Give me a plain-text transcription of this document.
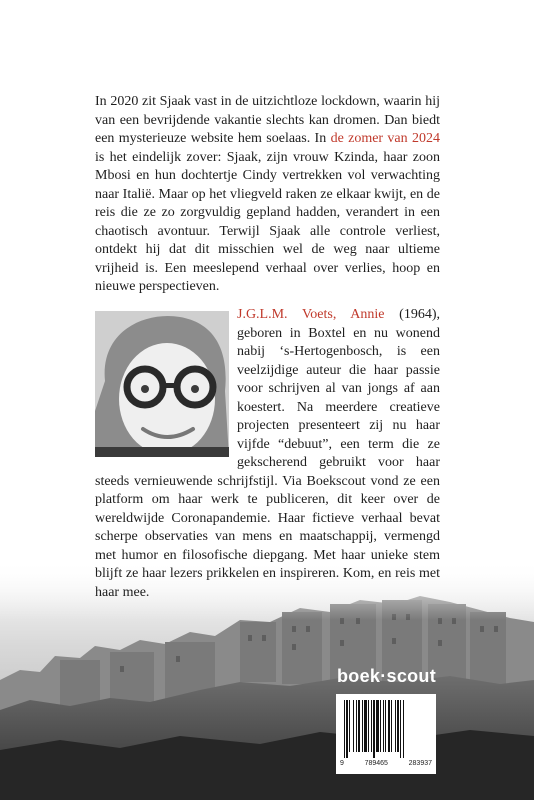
In 2020 zit Sjaak vast in de uitzichtloze lockdown, waarin hij van een bevrijdende vakantie slechts kan dromen. Dan biedt een mysterieuze website hem soelaas. In de zomer van 2024 is het eindelijk zover: Sjaak, zijn vrouw Kzinda, haar zoon Mbosi en hun dochtertje Cindy vertrekken vol verwachting naar Italië. Maar op het vliegveld raken ze elkaar kwijt, en de reis die ze zo zorgvuldig gepland hadden, verandert in een chaotisch avontuur. Terwijl Sjaak alle controle verliest, ontdekt hij dat dit misschien wel de weg naar ultieme vrijheid is. Een meeslepend verhaal over verlies, hoop en nieuwe perspectieven.

J.G.L.M. Voets, Annie (1964), geboren in Boxtel en nu wonend nabij ‘s-Hertogenbosch, is een veelzijdige auteur die haar passie voor schrijven al van jongs af aan koestert. Na meerdere creatieve projecten presenteert zij nu haar vijfde “debuut”, een term die ze gekscherend gebruikt voor haar steeds vernieuwende schrijfstijl. Via Boekscout vond ze een platform om haar werk te publiceren, dit keer over de wereldwijde Coronapandemie. Haar fictieve verhaal bevat scherpe observaties van mens en maatschappij, vermengd met humor en filosofische diepgang. Met haar unieke stem blijft ze haar lezers prikkelen en inspireren. Kom, en reis met haar mee.

boek·scout
9	789465	283937
